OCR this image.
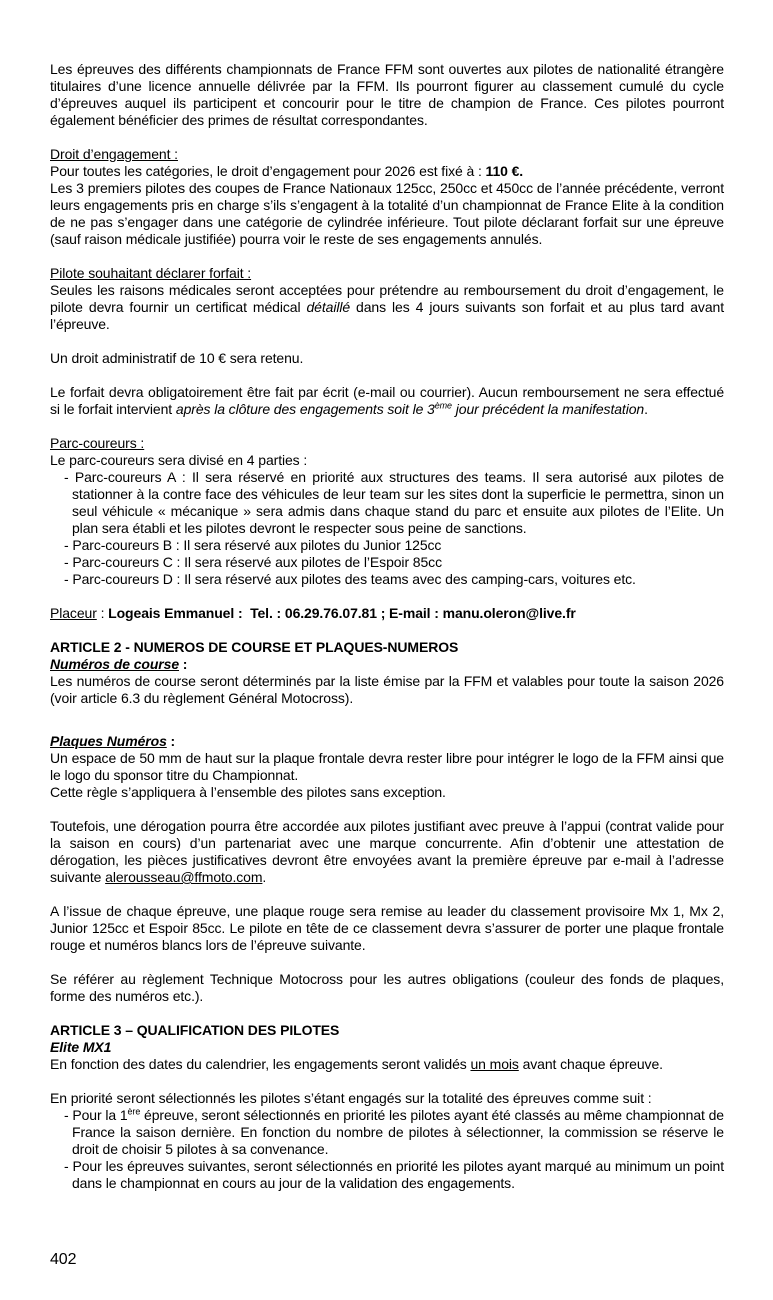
Les épreuves des différents championnats de France FFM sont ouvertes aux pilotes de nationalité étrangère titulaires d’une licence annuelle délivrée par la FFM. Ils pourront figurer au classement cumulé du cycle d’épreuves auquel ils participent et concourir pour le titre de champion de France. Ces pilotes pourront également bénéficier des primes de résultat correspondantes.

Droit d’engagement :

Pour toutes les catégories, le droit d’engagement pour 2026 est fixé à : 110 €.

Les 3 premiers pilotes des coupes de France Nationaux 125cc, 250cc et 450cc de l’année précédente, verront leurs engagements pris en charge s’ils s’engagent à la totalité d’un championnat de France Elite à la condition de ne pas s’engager dans une catégorie de cylindrée inférieure. Tout pilote déclarant forfait sur une épreuve (sauf raison médicale justifiée) pourra voir le reste de ses engagements annulés.

Pilote souhaitant déclarer forfait :

Seules les raisons médicales seront acceptées pour prétendre au remboursement du droit d’engagement, le pilote devra fournir un certificat médical détaillé dans les 4 jours suivants son forfait et au plus tard avant l’épreuve.

Un droit administratif de 10 € sera retenu.

Le forfait devra obligatoirement être fait par écrit (e-mail ou courrier). Aucun remboursement ne sera effectué si le forfait intervient après la clôture des engagements soit le 3ème jour précédent la manifestation.

Parc-coureurs :

Le parc-coureurs sera divisé en 4 parties :

- Parc-coureurs A : Il sera réservé en priorité aux structures des teams. Il sera autorisé aux pilotes de stationner à la contre face des véhicules de leur team sur les sites dont la superficie le permettra, sinon un seul véhicule « mécanique » sera admis dans chaque stand du parc et ensuite aux pilotes de l’Elite. Un plan sera établi et les pilotes devront le respecter sous peine de sanctions.

- Parc-coureurs B : Il sera réservé aux pilotes du Junior 125cc

- Parc-coureurs C : Il sera réservé aux pilotes de l’Espoir 85cc

- Parc-coureurs D : Il sera réservé aux pilotes des teams avec des camping-cars, voitures etc.

Placeur : Logeais Emmanuel :  Tel. : 06.29.76.07.81 ; E-mail : manu.oleron@live.fr

ARTICLE 2 - NUMEROS DE COURSE ET PLAQUES-NUMEROS

Numéros de course :

Les numéros de course seront déterminés par la liste émise par la FFM et valables pour toute la saison 2026 (voir article 6.3 du règlement Général Motocross).

Plaques Numéros :

Un espace de 50 mm de haut sur la plaque frontale devra rester libre pour intégrer le logo de la FFM ainsi que le logo du sponsor titre du Championnat.

Cette règle s’appliquera à l’ensemble des pilotes sans exception.

Toutefois, une dérogation pourra être accordée aux pilotes justifiant avec preuve à l’appui (contrat valide pour la saison en cours) d’un partenariat avec une marque concurrente. Afin d’obtenir une attestation de dérogation, les pièces justificatives devront être envoyées avant la première épreuve par e-mail à l’adresse suivante alerousseau@ffmoto.com.

A l’issue de chaque épreuve, une plaque rouge sera remise au leader du classement provisoire Mx 1, Mx 2, Junior 125cc et Espoir 85cc. Le pilote en tête de ce classement devra s’assurer de porter une plaque frontale rouge et numéros blancs lors de l’épreuve suivante.

Se référer au règlement Technique Motocross pour les autres obligations (couleur des fonds de plaques, forme des numéros etc.).

ARTICLE 3 – QUALIFICATION DES PILOTES

Elite MX1

En fonction des dates du calendrier, les engagements seront validés un mois avant chaque épreuve.

En priorité seront sélectionnés les pilotes s’étant engagés sur la totalité des épreuves comme suit :

- Pour la 1ère épreuve, seront sélectionnés en priorité les pilotes ayant été classés au même championnat de France la saison dernière. En fonction du nombre de pilotes à sélectionner, la commission se réserve le droit de choisir 5 pilotes à sa convenance.

- Pour les épreuves suivantes, seront sélectionnés en priorité les pilotes ayant marqué au minimum un point dans le championnat en cours au jour de la validation des engagements.

402
